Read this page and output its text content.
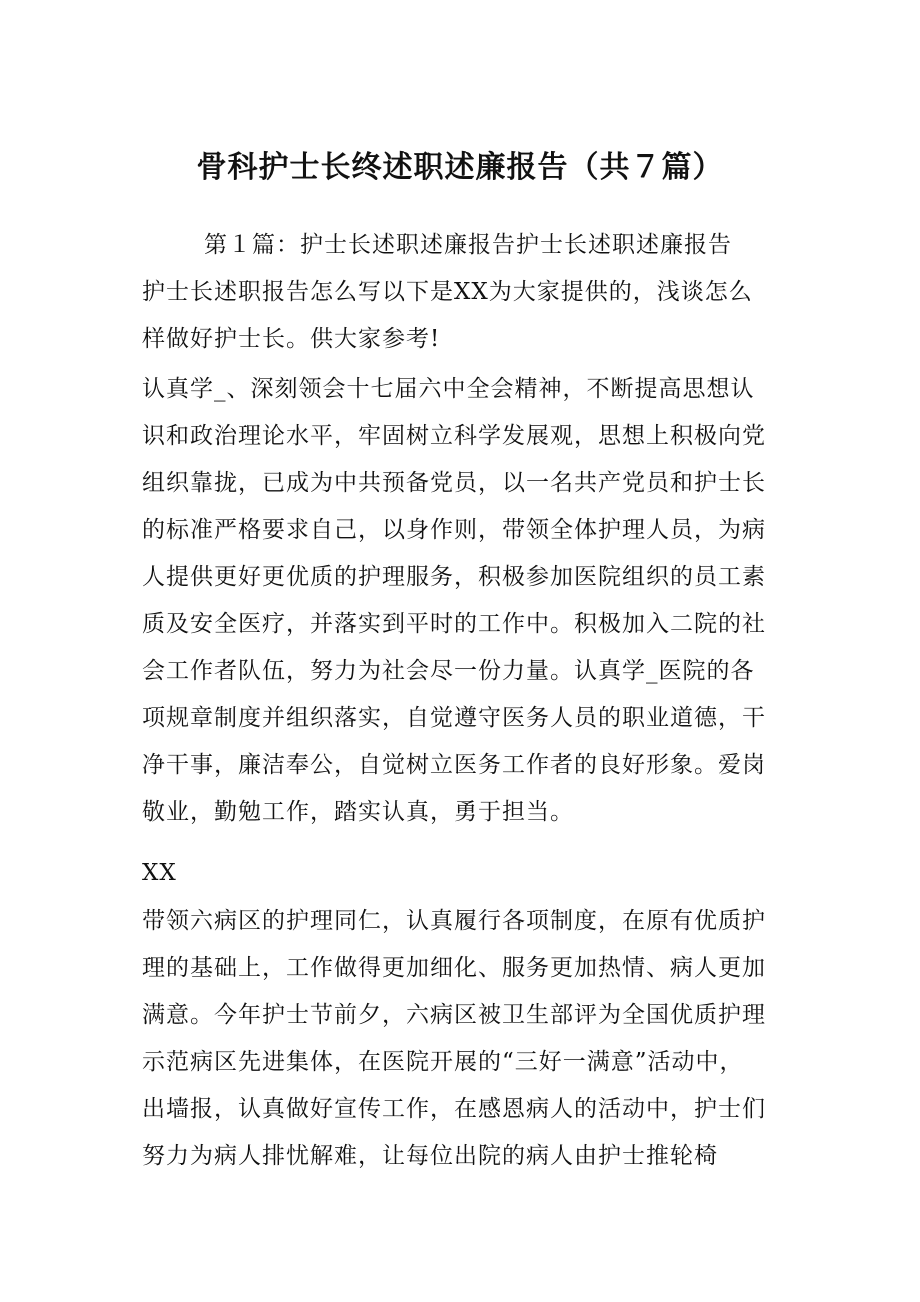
骨科护士长终述职述廉报告（共７篇）

第１篇：护士长述职述廉报告护士长述职述廉报告

护士长述职报告怎么写以下是XX为大家提供的，浅谈怎么
样做好护士长。供大家参考!

认真学_、深刻领会十七届六中全会精神，不断提高思想认
识和政治理论水平，牢固树立科学发展观，思想上积极向党
组织靠拢，已成为中共预备党员，以一名共产党员和护士长
的标准严格要求自己，以身作则，带领全体护理人员，为病
人提供更好更优质的护理服务，积极参加医院组织的员工素
质及安全医疗，并落实到平时的工作中。积极加入二院的社
会工作者队伍，努力为社会尽一份力量。认真学_医院的各
项规章制度并组织落实，自觉遵守医务人员的职业道德，干
净干事，廉洁奉公，自觉树立医务工作者的良好形象。爱岗
敬业，勤勉工作，踏实认真，勇于担当。

XX

带领六病区的护理同仁，认真履行各项制度，在原有优质护
理的基础上，工作做得更加细化、服务更加热情、病人更加
满意。今年护士节前夕，六病区被卫生部评为全国优质护理
示范病区先进集体，在医院开展的“三好一满意”活动中，
出墙报，认真做好宣传工作，在感恩病人的活动中，护士们
努力为病人排忧解难，让每位出院的病人由护士推轮椅
